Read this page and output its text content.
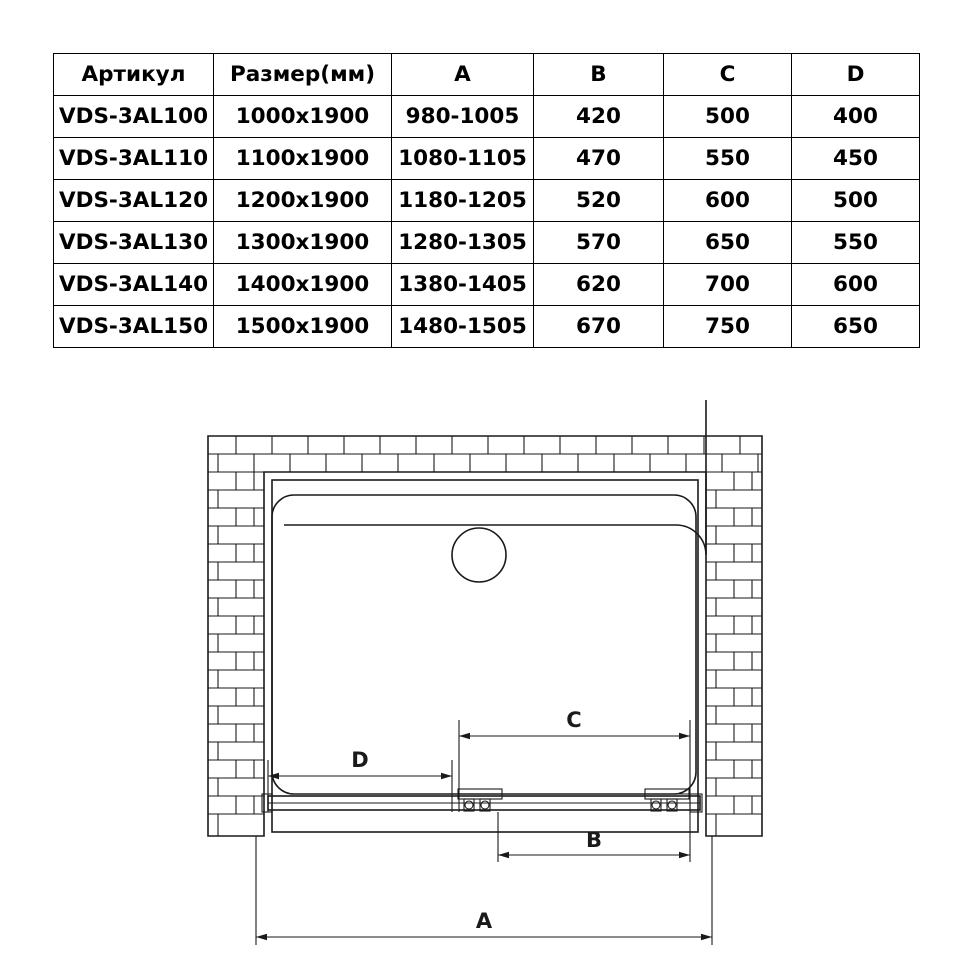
Артикул	Размер(мм)	A	B	C	D
VDS-3AL100	1000x1900	980-1005	420	500	400
VDS-3AL110	1100x1900	1080-1105	470	550	450
VDS-3AL120	1200x1900	1180-1205	520	600	500
VDS-3AL130	1300x1900	1280-1305	570	650	550
VDS-3AL140	1400x1900	1380-1405	620	700	600
VDS-3AL150	1500x1900	1480-1505	670	750	650
C
D
B
A
